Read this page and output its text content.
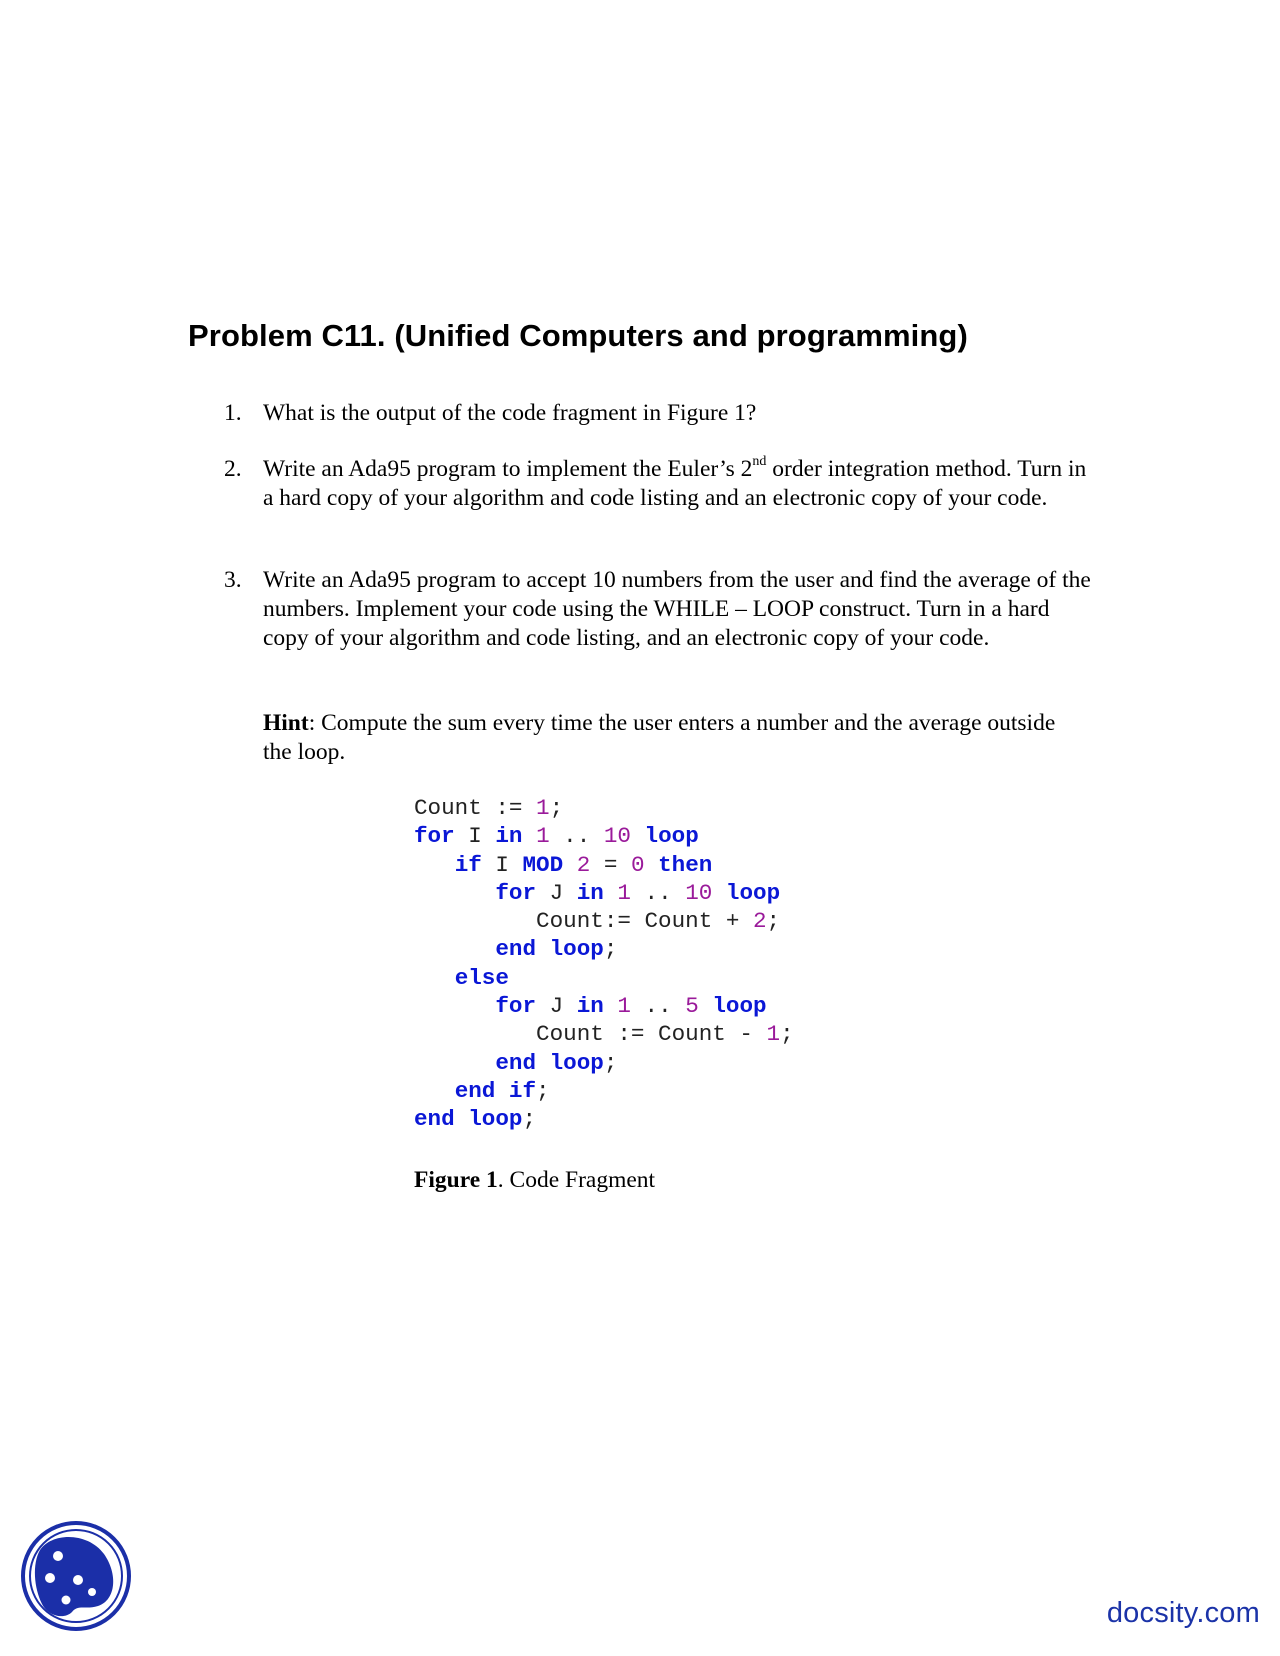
Problem C11. (Unified Computers and programming)
1. What is the output of the code fragment in Figure 1?
2. Write an Ada95 program to implement the Euler’s 2nd order integration method. Turn in a hard copy of your algorithm and code listing and an electronic copy of your code.
3. Write an Ada95 program to accept 10 numbers from the user and find the average of the numbers. Implement your code using the WHILE – LOOP construct. Turn in a hard copy of your algorithm and code listing, and an electronic copy of your code.
Hint: Compute the sum every time the user enters a number and the average outside the loop.
Count := 1;
for I in 1 .. 10 loop
if I MOD 2 = 0 then
for J in 1 .. 10 loop
Count:= Count + 2;
end loop;
else
for J in 1 .. 5 loop
Count := Count - 1;
end loop;
end if;
end loop;
Figure 1. Code Fragment
docsity.com
